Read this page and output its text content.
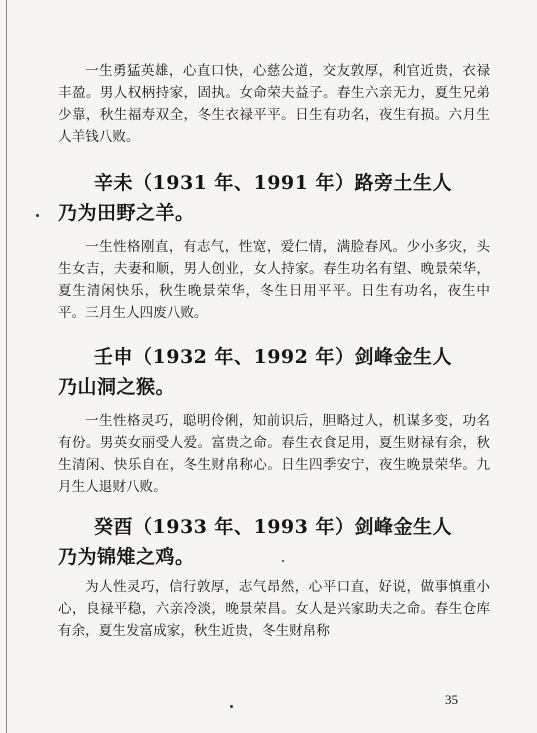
一生勇猛英雄，心直口快，心慈公道，交友敦厚，利官近贵，衣禄丰盈。男人权柄持家，固执。女命荣夫益子。春生六亲无力，夏生兄弟少靠，秋生福寿双全，冬生衣禄平平。日生有功名，夜生有损。六月生人羊钱八败。

辛未（1931 年、1991 年）路旁土生人
乃为田野之羊。

一生性格刚直，有志气，性宽，爱仁情，满脸春风。少小多灾，头生女吉，夫妻和顺，男人创业，女人持家。春生功名有望、晚景荣华，夏生清闲快乐，秋生晚景荣华，冬生日用平平。日生有功名，夜生中平。三月生人四废八败。

壬申（1932 年、1992 年）剑峰金生人
乃山洞之猴。

一生性格灵巧，聪明伶俐，知前识后，胆略过人，机谋多变，功名有份。男英女丽受人爱。富贵之命。春生衣食足用，夏生财禄有余，秋生清闲、快乐自在，冬生财帛称心。日生四季安宁，夜生晚景荣华。九月生人退财八败。

癸酉（1933 年、1993 年）剑峰金生人
乃为锦雉之鸡。

为人性灵巧，信行敦厚，志气昂然，心平口直，好说，做事慎重小心，良禄平稳，六亲冷淡，晚景荣昌。女人是兴家助夫之命。春生仓库有余，夏生发富成家，秋生近贵，冬生财帛称

35
